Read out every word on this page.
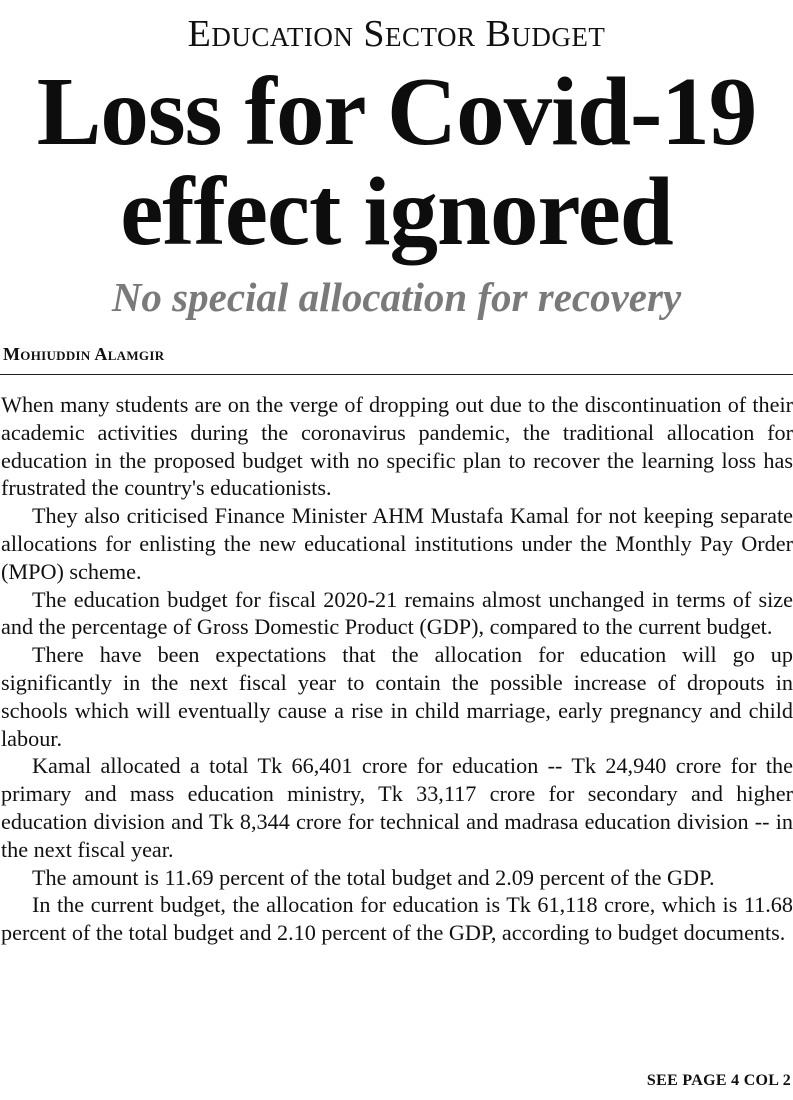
Education Sector Budget
Loss for Covid-19
effect ignored
No special allocation for recovery
Mohiuddin Alamgir

When many students are on the verge of dropping out due to the discontinuation of their academic activities during the coronavirus pandemic, the traditional allocation for education in the proposed budget with no specific plan to recover the learning loss has frustrated the country's educationists.

They also criticised Finance Minister AHM Mustafa Kamal for not keeping separate allocations for enlisting the new educational institutions under the Monthly Pay Order (MPO) scheme.

The education budget for fiscal 2020-21 remains almost unchanged in terms of size and the percentage of Gross Domestic Product (GDP), compared to the current budget.

There have been expectations that the allocation for education will go up significantly in the next fiscal year to contain the possible increase of dropouts in schools which will eventually cause a rise in child marriage, early pregnancy and child labour.

Kamal allocated a total Tk 66,401 crore for education -- Tk 24,940 crore for the primary and mass education ministry, Tk 33,117 crore for secondary and higher education division and Tk 8,344 crore for technical and madrasa education division -- in the next fiscal year.

The amount is 11.69 percent of the total budget and 2.09 percent of the GDP.

In the current budget, the allocation for education is Tk 61,118 crore, which is 11.68 percent of the total budget and 2.10 percent of the GDP, according to budget documents.

SEE PAGE 4 COL 2
